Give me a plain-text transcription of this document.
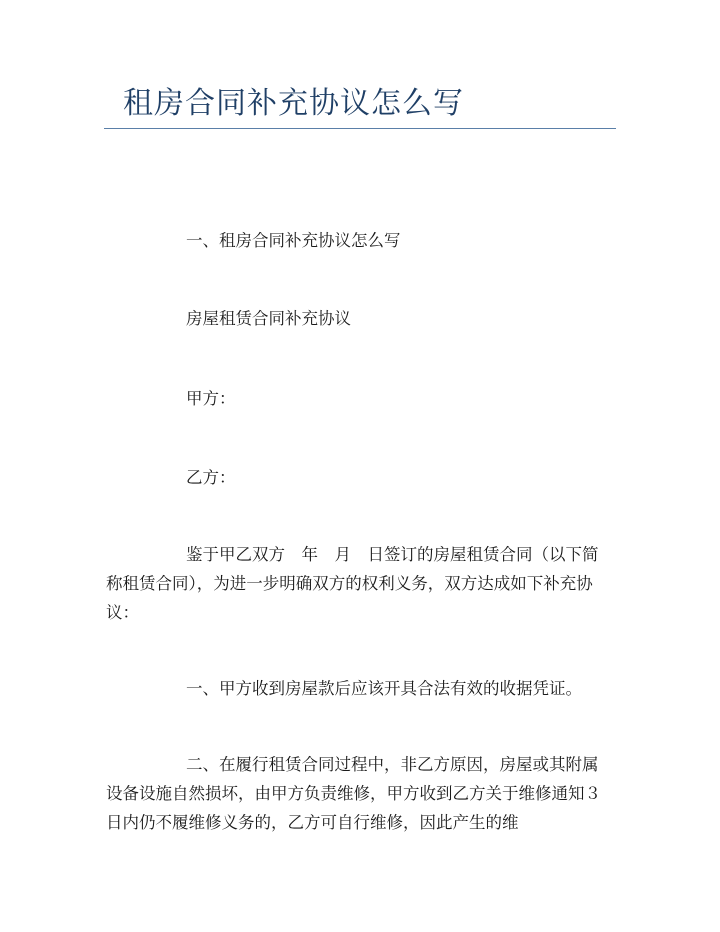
租房合同补充协议怎么写
一、租房合同补充协议怎么写
房屋租赁合同补充协议
甲方：
乙方：
鉴于甲乙双方　年　月　日签订的房屋租赁合同（以下简称租赁合同），为进一步明确双方的权利义务，双方达成如下补充协议：
一、甲方收到房屋款后应该开具合法有效的收据凭证。
二、在履行租赁合同过程中，非乙方原因，房屋或其附属设备设施自然损坏，由甲方负责维修，甲方收到乙方关于维修通知３日内仍不履维修义务的，乙方可自行维修，因此产生的维
